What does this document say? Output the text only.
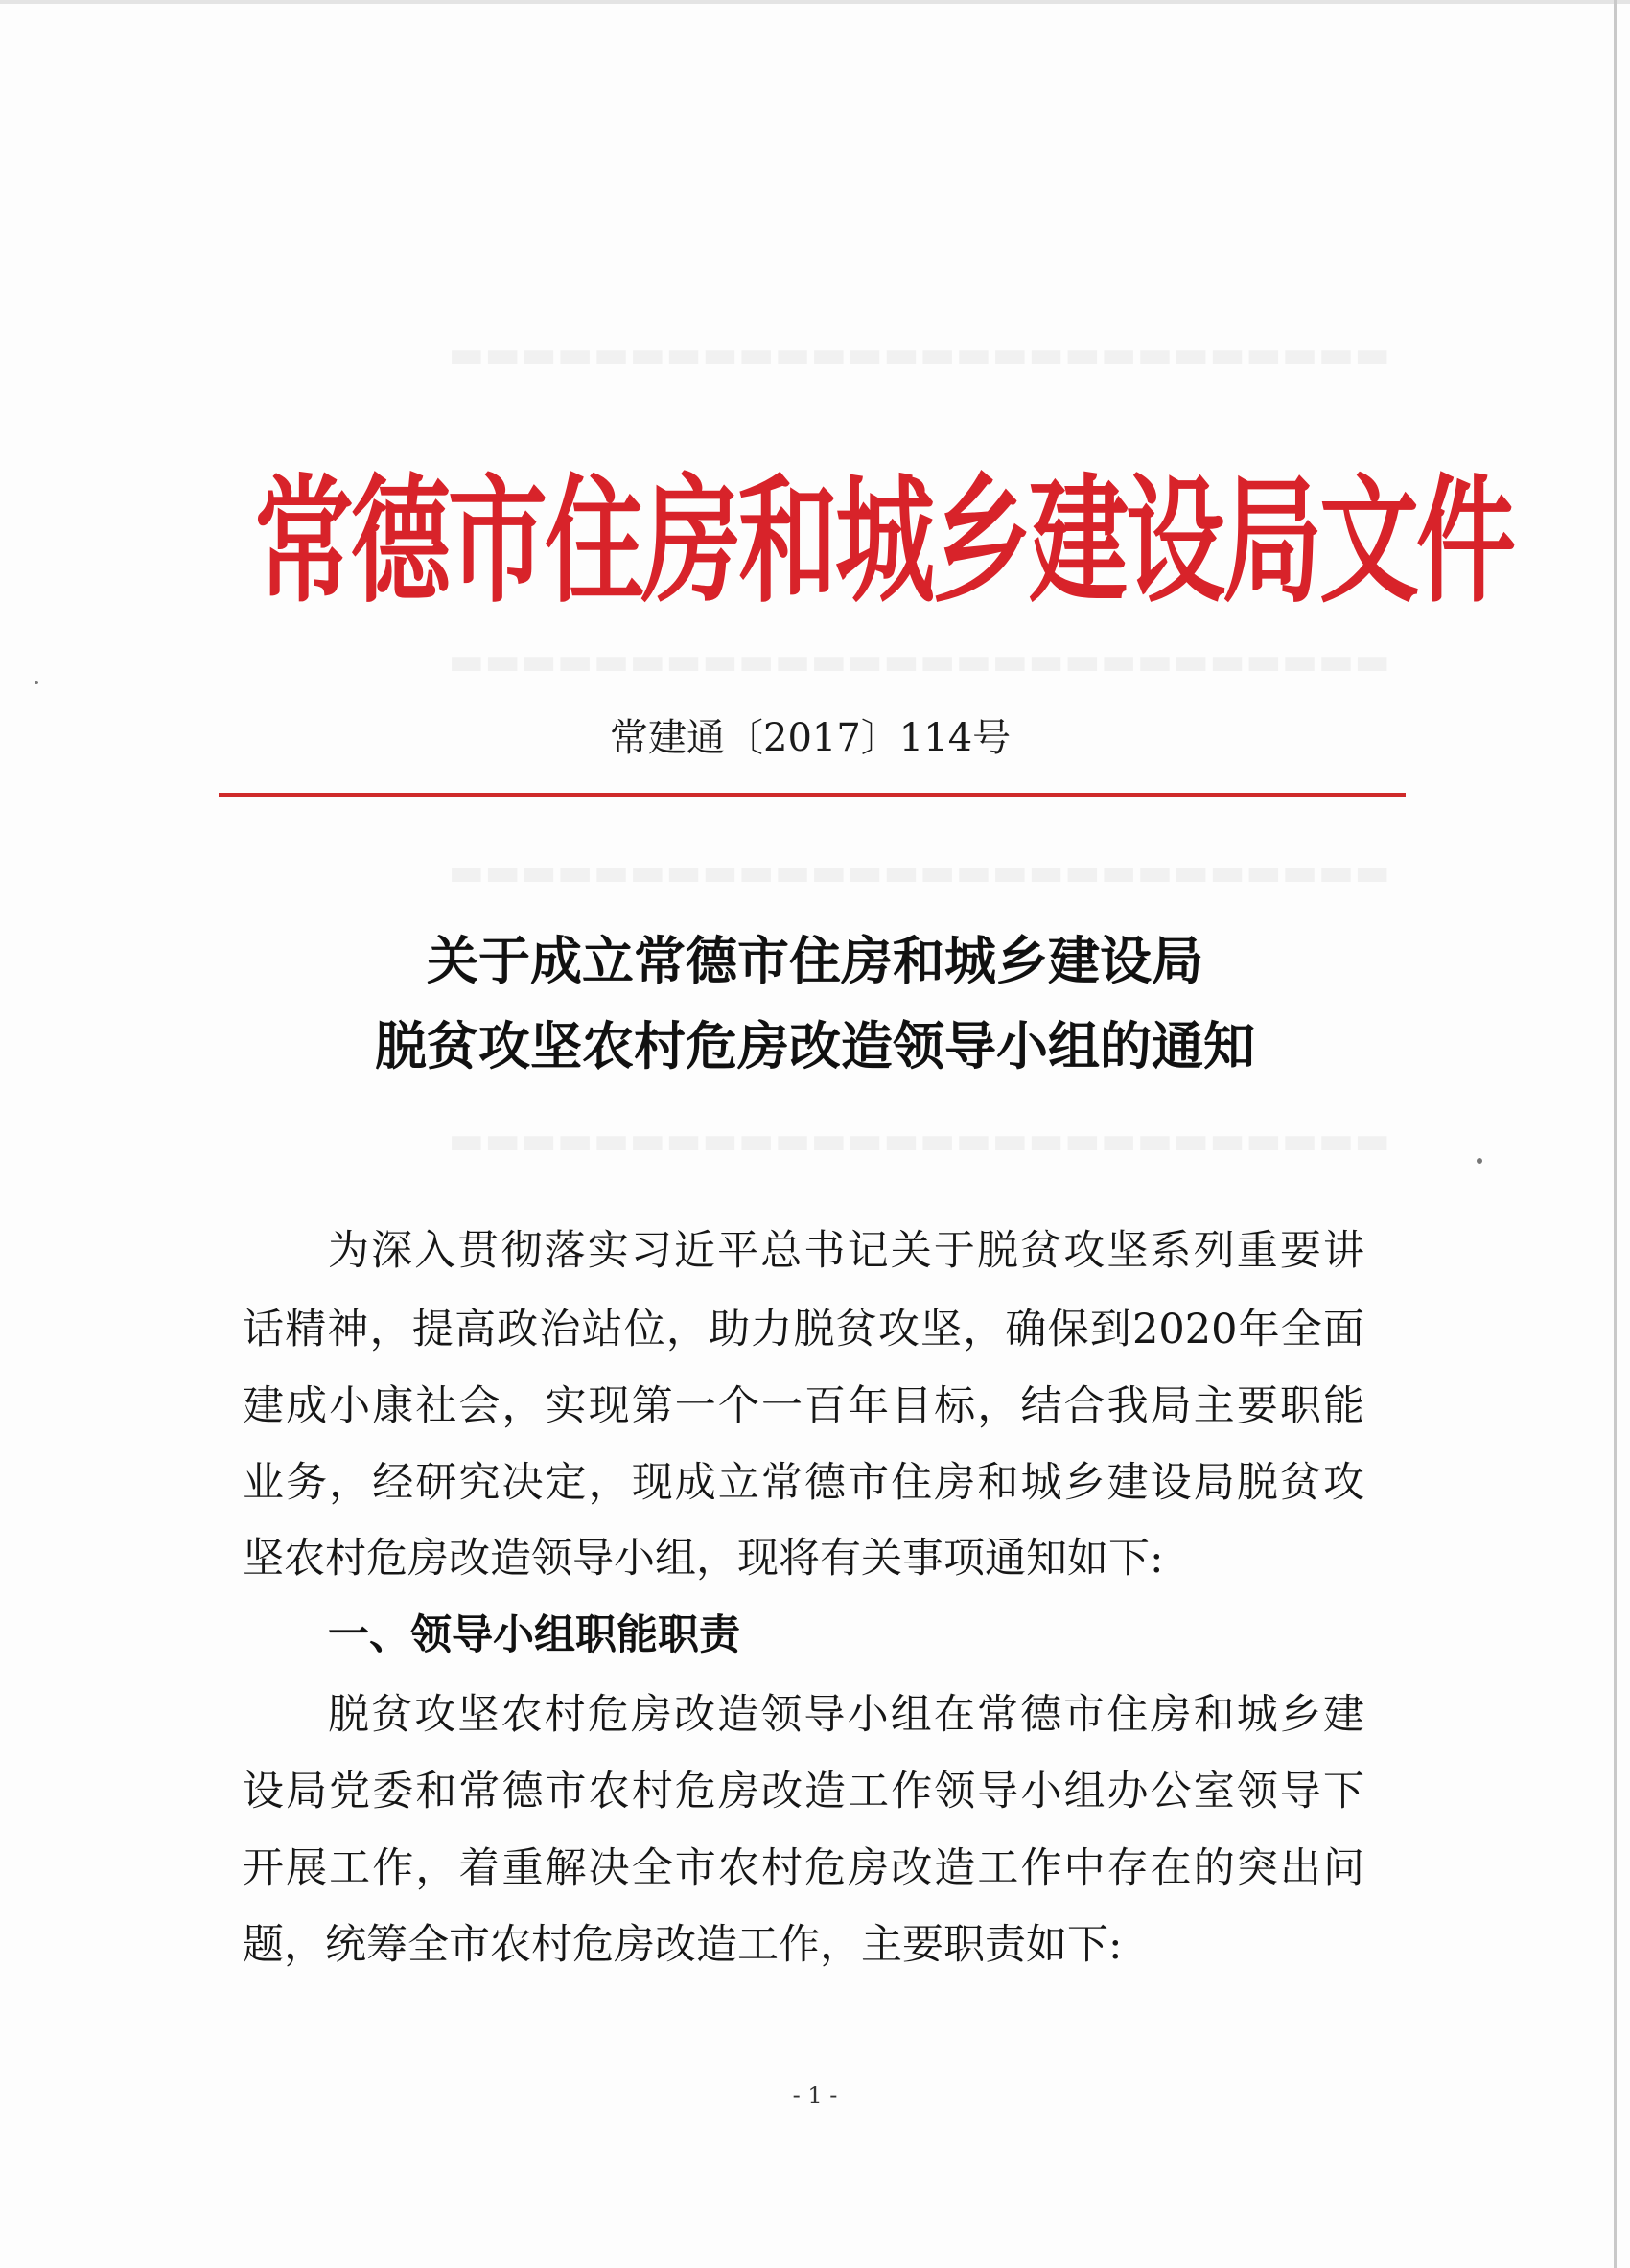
常德市住房和城乡建设局文件
常建通〔2017〕114号
关于成立常德市住房和城乡建设局
脱贫攻坚农村危房改造领导小组的通知
为深入贯彻落实习近平总书记关于脱贫攻坚系列重要讲
话精神，提高政治站位，助力脱贫攻坚，确保到2020年全面
建成小康社会，实现第一个一百年目标，结合我局主要职能
业务，经研究决定，现成立常德市住房和城乡建设局脱贫攻
坚农村危房改造领导小组，现将有关事项通知如下:
一、领导小组职能职责
脱贫攻坚农村危房改造领导小组在常德市住房和城乡建
设局党委和常德市农村危房改造工作领导小组办公室领导下
开展工作，着重解决全市农村危房改造工作中存在的突出问
题，统筹全市农村危房改造工作，主要职责如下:
- 1 -
